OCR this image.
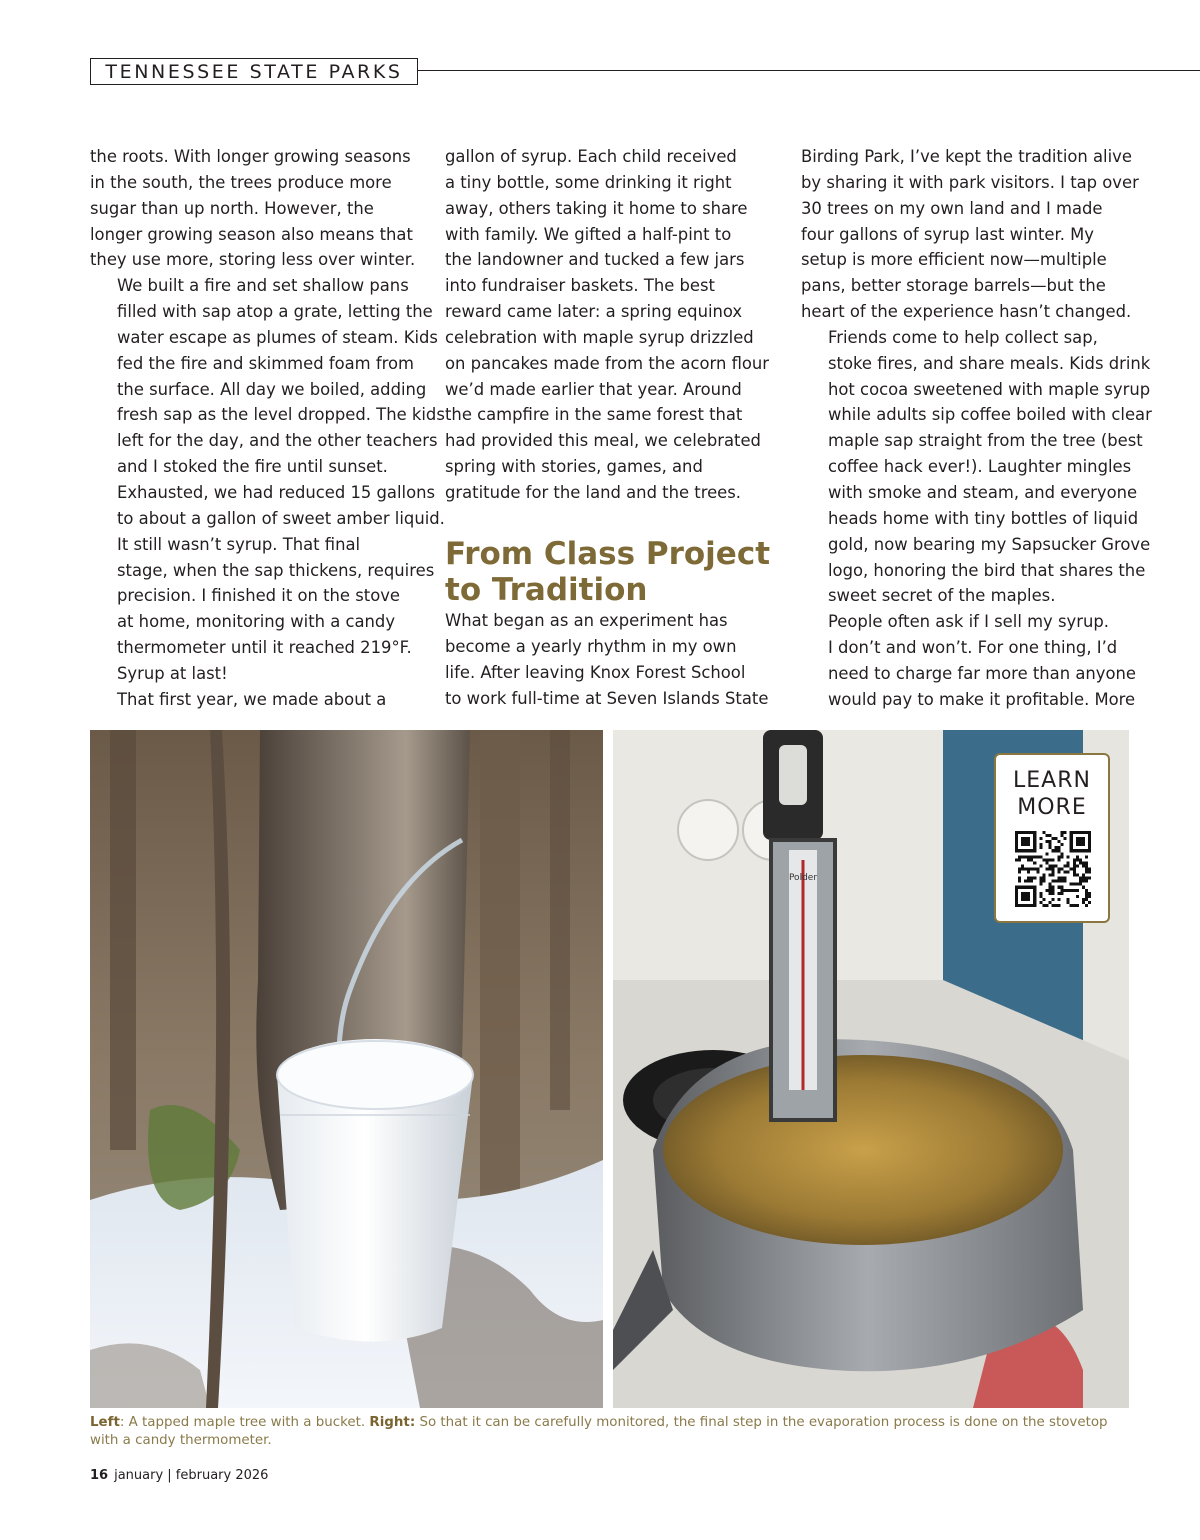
TENNESSEE STATE PARKS

the roots. With longer growing seasons
in the south, the trees produce more
sugar than up north. However, the
longer growing season also means that
they use more, storing less over winter.

We built a fire and set shallow pans
filled with sap atop a grate, letting the
water escape as plumes of steam. Kids
fed the fire and skimmed foam from
the surface. All day we boiled, adding
fresh sap as the level dropped. The kids
left for the day, and the other teachers
and I stoked the fire until sunset.
Exhausted, we had reduced 15 gallons
to about a gallon of sweet amber liquid.

It still wasn’t syrup. That final
stage, when the sap thickens, requires
precision. I finished it on the stove
at home, monitoring with a candy
thermometer until it reached 219°F.
Syrup at last!

That first year, we made about a

gallon of syrup. Each child received
a tiny bottle, some drinking it right
away, others taking it home to share
with family. We gifted a half-pint to
the landowner and tucked a few jars
into fundraiser baskets. The best
reward came later: a spring equinox
celebration with maple syrup drizzled
on pancakes made from the acorn flour
we’d made earlier that year. Around
the campfire in the same forest that
had provided this meal, we celebrated
spring with stories, games, and
gratitude for the land and the trees.

From Class Project
to Tradition

What began as an experiment has
become a yearly rhythm in my own
life. After leaving Knox Forest School
to work full-time at Seven Islands State

Birding Park, I’ve kept the tradition alive
by sharing it with park visitors. I tap over
30 trees on my own land and I made
four gallons of syrup last winter. My
setup is more efficient now—multiple
pans, better storage barrels—but the
heart of the experience hasn’t changed.

Friends come to help collect sap,
stoke fires, and share meals. Kids drink
hot cocoa sweetened with maple syrup
while adults sip coffee boiled with clear
maple sap straight from the tree (best
coffee hack ever!). Laughter mingles
with smoke and steam, and everyone
heads home with tiny bottles of liquid
gold, now bearing my Sapsucker Grove
logo, honoring the bird that shares the
sweet secret of the maples.

People often ask if I sell my syrup.
I don’t and won’t. For one thing, I’d
need to charge far more than anyone
would pay to make it profitable. More

Polder
LEARN
MORE
Left: A tapped maple tree with a bucket. Right: So that it can be carefully monitored, the final step in the evaporation process is done on the stovetop with a candy thermometer.
16 january | february 2026
